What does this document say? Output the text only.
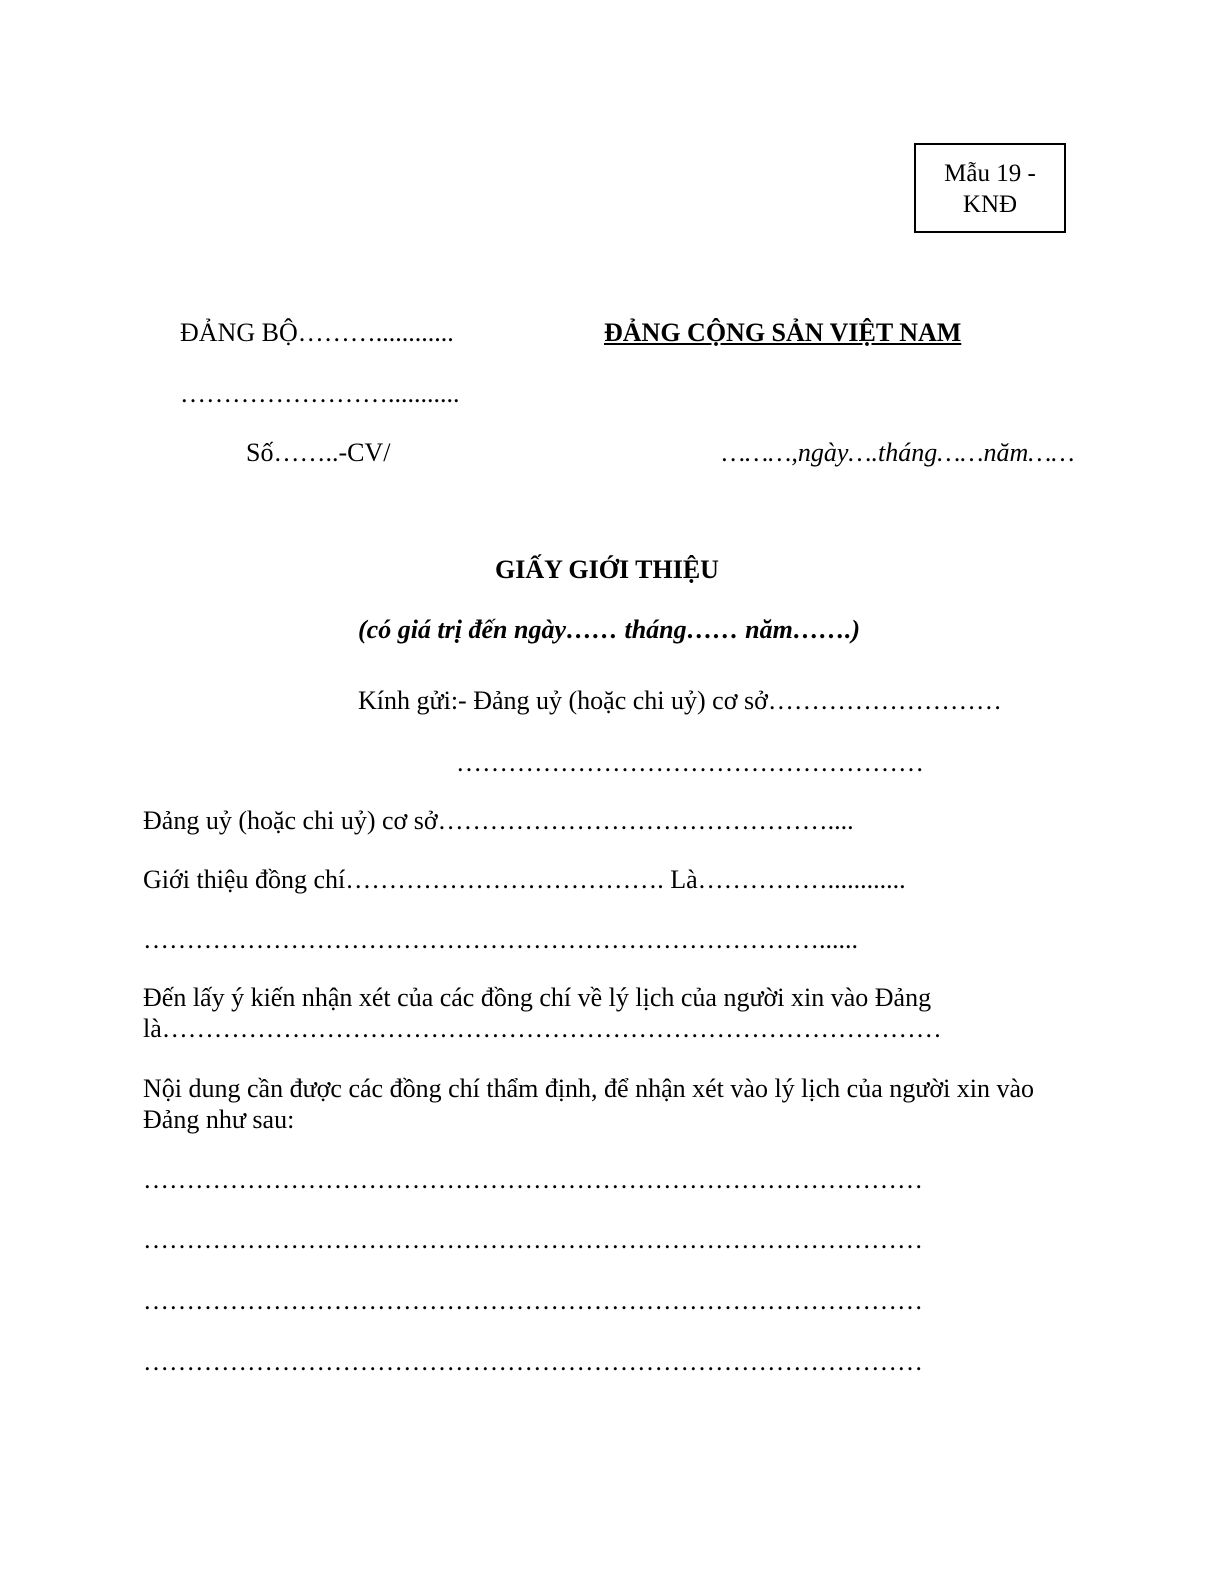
Mẫu 19 -
KNĐ
ĐẢNG BỘ………............	ĐẢNG CỘNG SẢN VIỆT NAM
……………………...........
Số……..-CV/	………,ngày….tháng……năm……
GIẤY GIỚI THIỆU
(có giá trị đến ngày…… tháng…… năm…….)
Kính gửi:- Đảng uỷ (hoặc chi uỷ) cơ sở………………………
………………………………………………
Đảng uỷ (hoặc chi uỷ) cơ sở………………………………………....
Giới thiệu đồng chí………………………………. Là……………............
……………………………………………………………………......
Đến lấy ý kiến nhận xét của các đồng chí về lý lịch của người xin vào Đảng
là………………………………………………………………………………
Nội dung cần được các đồng chí thẩm định, để nhận xét vào lý lịch của người xin vào
Đảng như sau:
………………………………………………………………………………
………………………………………………………………………………
………………………………………………………………………………
………………………………………………………………………………
